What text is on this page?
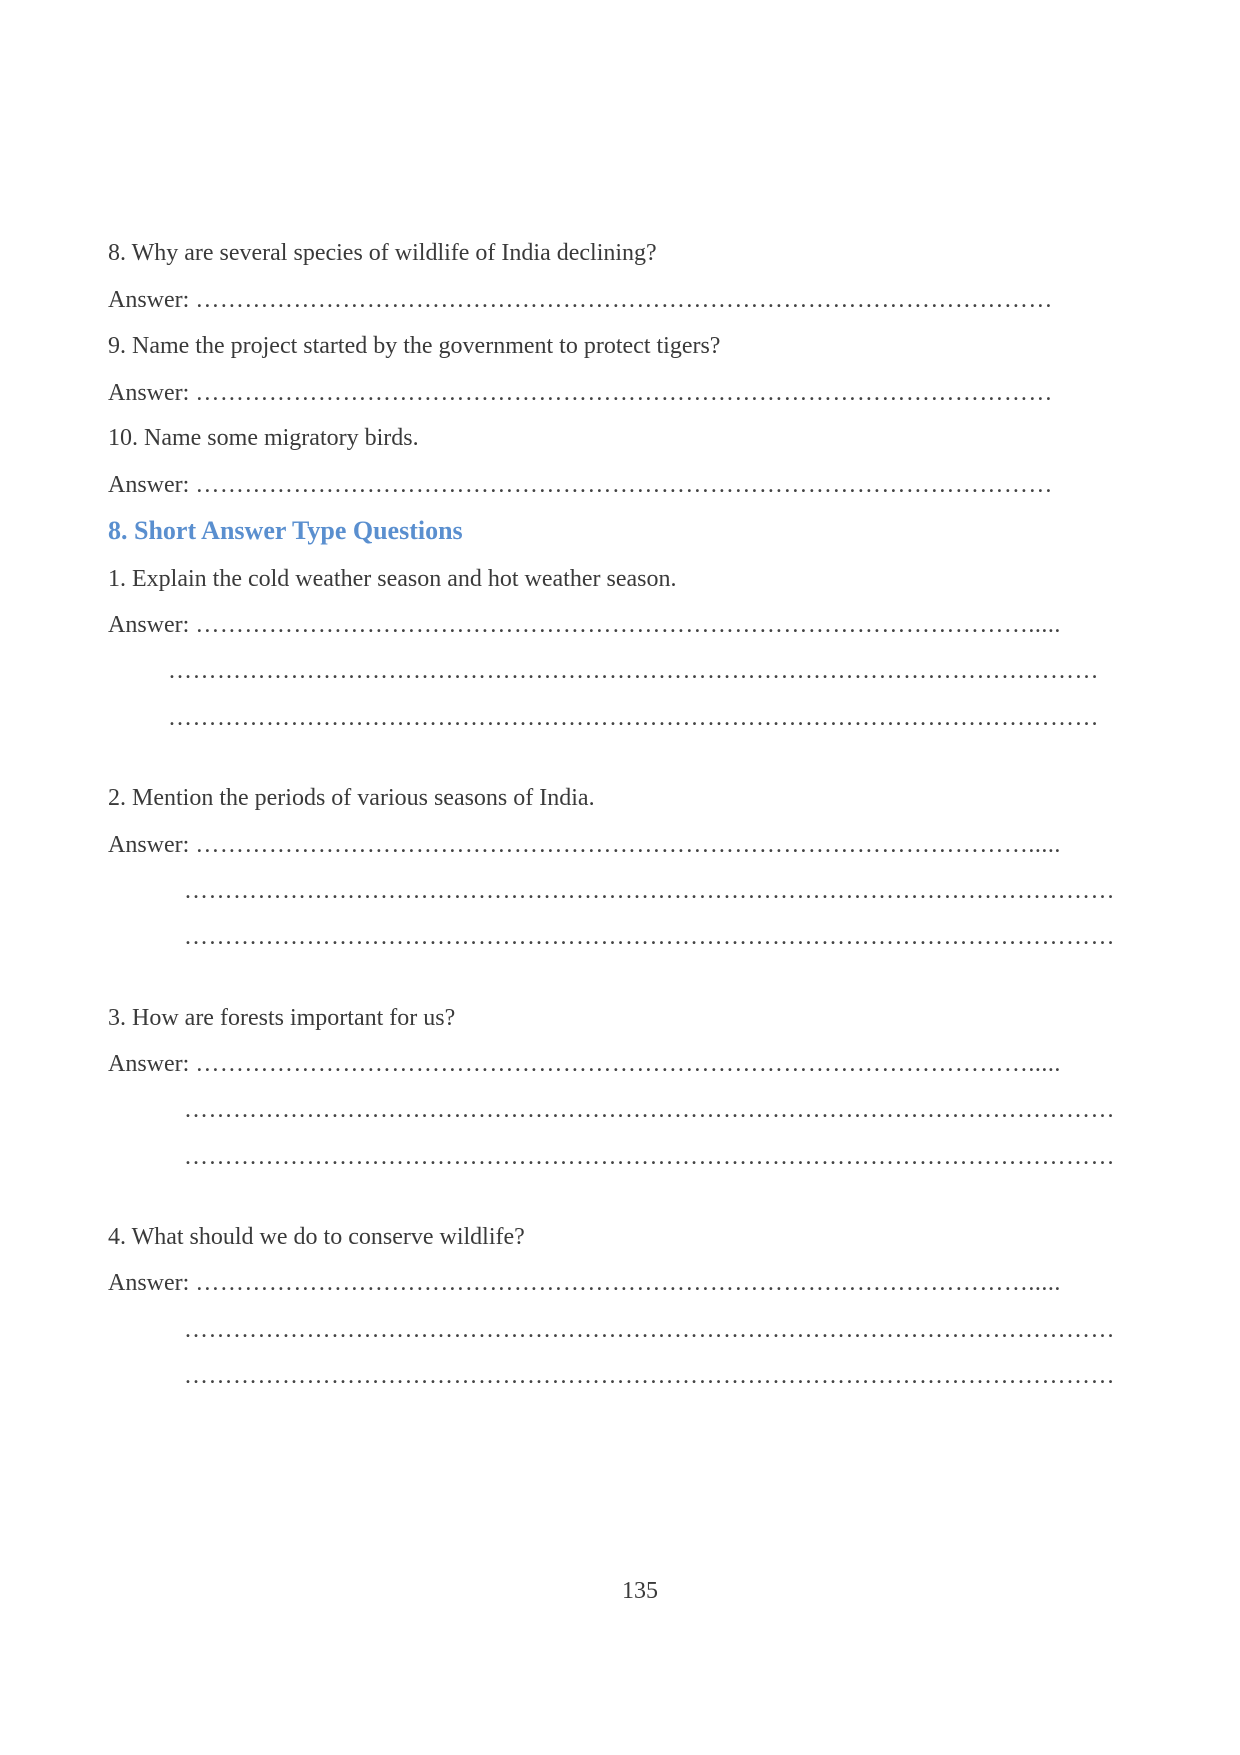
8. Why are several species of wildlife of India declining?
Answer: ……………………………………………………………………………………………
9. Name the project started by the government to protect tigers?
Answer: ……………………………………………………………………………………………
10. Name some migratory birds.
Answer: ……………………………………………………………………………………………
8. Short Answer Type Questions
1. Explain the cold weather season and hot weather season.
Answer: ………………………………………………………………………………………….....
……………………………………………………………………………………………………
……………………………………………………………………………………………………
2. Mention the periods of various seasons of India.
Answer: ………………………………………………………………………………………….....
……………………………………………………………………………………………………
……………………………………………………………………………………………………
3. How are forests important for us?
Answer: ………………………………………………………………………………………….....
……………………………………………………………………………………………………
……………………………………………………………………………………………………
4. What should we do to conserve wildlife?
Answer: ………………………………………………………………………………………….....
……………………………………………………………………………………………………
……………………………………………………………………………………………………
135
